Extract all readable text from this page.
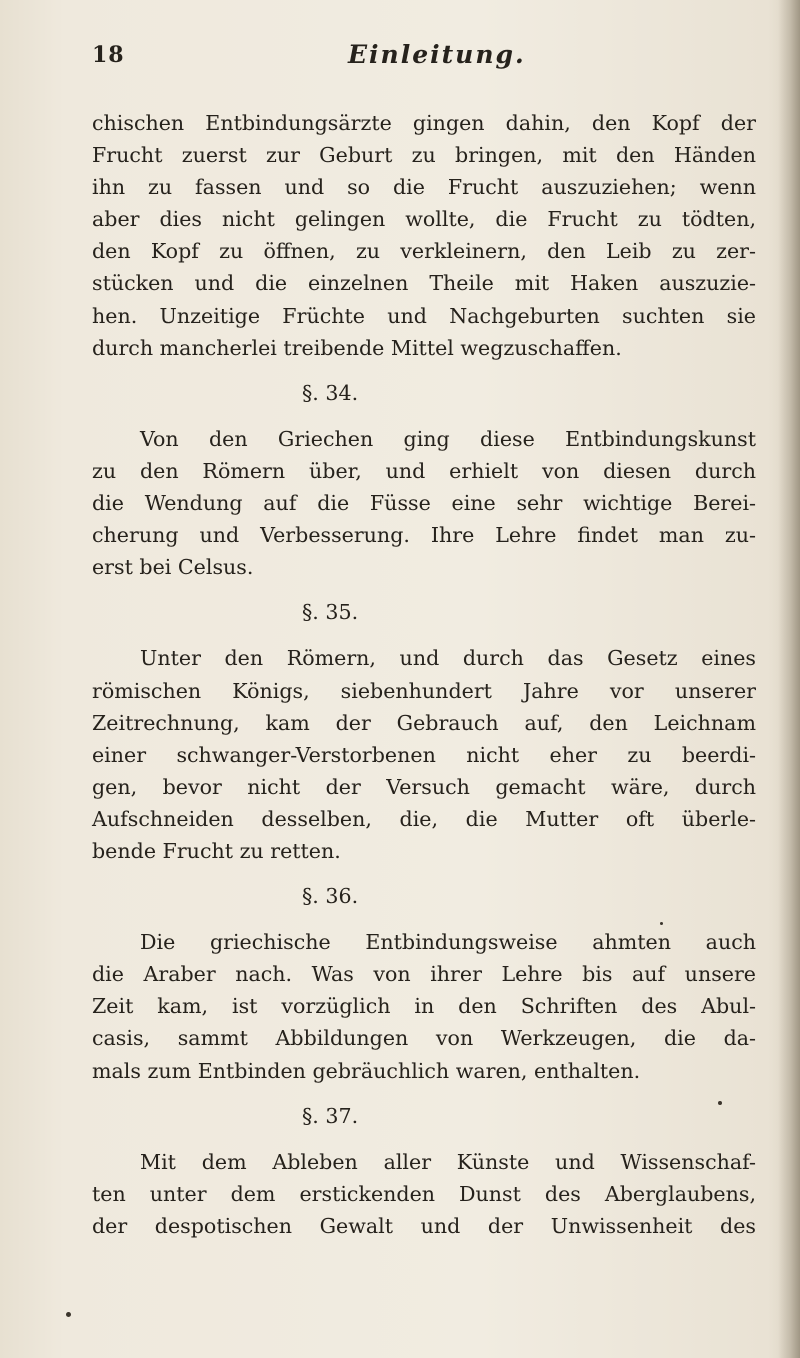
18	Einleitung.
chischen Entbindungsärzte gingen dahin, den Kopf der
Frucht zuerst zur Geburt zu bringen, mit den Händen
ihn zu fassen und so die Frucht auszuziehen; wenn
aber dies nicht gelingen wollte, die Frucht zu tödten,
den Kopf zu öffnen, zu verkleinern, den Leib zu zer-
stücken und die einzelnen Theile mit Haken auszuzie-
hen. Unzeitige Früchte und Nachgeburten suchten sie
durch mancherlei treibende Mittel wegzuschaffen.
§. 34.
Von den Griechen ging diese Entbindungskunst
zu den Römern über, und erhielt von diesen durch
die Wendung auf die Füsse eine sehr wichtige Berei-
cherung und Verbesserung. Ihre Lehre findet man zu-
erst bei Celsus.
§. 35.
Unter den Römern, und durch das Gesetz eines
römischen Königs, siebenhundert Jahre vor unserer
Zeitrechnung, kam der Gebrauch auf, den Leichnam
einer schwanger-Verstorbenen nicht eher zu beerdi-
gen, bevor nicht der Versuch gemacht wäre, durch
Aufschneiden desselben, die, die Mutter oft überle-
bende Frucht zu retten.
§. 36.
Die griechische Entbindungsweise ahmten auch
die Araber nach. Was von ihrer Lehre bis auf unsere
Zeit kam, ist vorzüglich in den Schriften des Abul-
casis, sammt Abbildungen von Werkzeugen, die da-
mals zum Entbinden gebräuchlich waren, enthalten.
§. 37.
Mit dem Ableben aller Künste und Wissenschaf-
ten unter dem erstickenden Dunst des Aberglaubens,
der despotischen Gewalt und der Unwissenheit des
